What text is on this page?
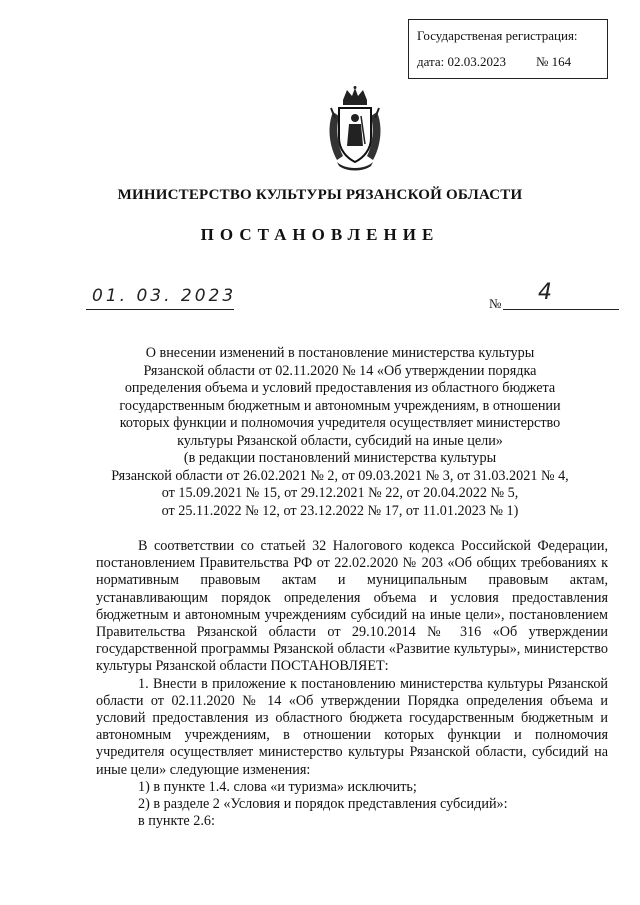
Государственая регистрация:
дата: 02.03.2023 № 164
МИНИСТЕРСТВО КУЛЬТУРЫ РЯЗАНСКОЙ ОБЛАСТИ
ПОСТАНОВЛЕНИЕ
01. 03. 2023	№ 4
О внесении изменений в постановление министерства культуры
Рязанской области от 02.11.2020 № 14 «Об утверждении порядка
определения объема и условий предоставления из областного бюджета
государственным бюджетным и автономным учреждениям, в отношении
которых функции и полномочия учредителя осуществляет министерство
культуры Рязанской области, субсидий на иные цели»
(в редакции постановлений министерства культуры
Рязанской области от 26.02.2021 № 2, от 09.03.2021 № 3, от 31.03.2021 № 4,
от 15.09.2021 № 15, от 29.12.2021 № 22, от 20.04.2022 № 5,
от 25.11.2022 № 12, от 23.12.2022 № 17, от 11.01.2023 № 1)

В соответствии со статьей 32 Налогового кодекса Российской Федерации, постановлением Правительства РФ от 22.02.2020 № 203 «Об общих требованиях к нормативным правовым актам и муниципальным правовым актам, устанавливающим порядок определения объема и условия предоставления бюджетным и автономным учреждениям субсидий на иные цели», постановлением Правительства Рязанской области от 29.10.2014 № 316 «Об утверждении государственной программы Рязанской области «Развитие культуры», министерство культуры Рязанской области ПОСТАНОВЛЯЕТ:

1. Внести в приложение к постановлению министерства культуры Рязанской области от 02.11.2020 № 14 «Об утверждении Порядка определения объема и условий предоставления из областного бюджета государственным бюджетным и автономным учреждениям, в отношении которых функции и полномочия учредителя осуществляет министерство культуры Рязанской области, субсидий на иные цели» следующие изменения:

1) в пункте 1.4. слова «и туризма» исключить;

2) в разделе 2 «Условия и порядок представления субсидий»:

в пункте 2.6:
